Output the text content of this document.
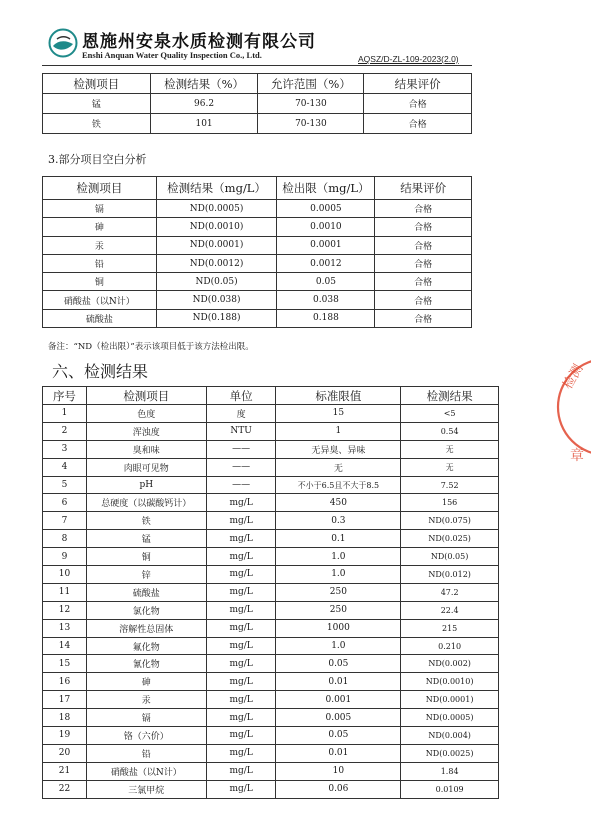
恩施州安泉水质检测有限公司
Enshi Anquan Water Quality Inspection Co., Ltd.	AQSZ/D-ZL-109-2023(2.0)
检测项目	检测结果（%）	允许范围（%）	结果评价
锰	96.2	70-130	合格
铁	101	70-130	合格
3.部分项目空白分析
检测项目	检测结果（mg/L）	检出限（mg/L）	结果评价
镉	ND(0.0005)	0.0005	合格
砷	ND(0.0010)	0.0010	合格
汞	ND(0.0001)	0.0001	合格
铅	ND(0.0012)	0.0012	合格
铜	ND(0.05)	0.05	合格
硝酸盐（以N计）	ND(0.038)	0.038	合格
硫酸盐	ND(0.188)	0.188	合格
备注：“ND（检出限）”表示该项目低于该方法检出限。
六、检测结果
序号	检测项目	单位	标准限值	检测结果
1	色度	度	15	<5
2	浑浊度	NTU	1	0.54
3	臭和味	——	无异臭、异味	无
4	肉眼可见物	——	无	无
5	pH	——	不小于6.5且不大于8.5	7.52
6	总硬度（以碳酸钙计）	mg/L	450	156
7	铁	mg/L	0.3	ND(0.075)
8	锰	mg/L	0.1	ND(0.025)
9	铜	mg/L	1.0	ND(0.05)
10	锌	mg/L	1.0	ND(0.012)
11	硫酸盐	mg/L	250	47.2
12	氯化物	mg/L	250	22.4
13	溶解性总固体	mg/L	1000	215
14	氟化物	mg/L	1.0	0.210
15	氰化物	mg/L	0.05	ND(0.002)
16	砷	mg/L	0.01	ND(0.0010)
17	汞	mg/L	0.001	ND(0.0001)
18	镉	mg/L	0.005	ND(0.0005)
19	铬（六价）	mg/L	0.05	ND(0.004)
20	铅	mg/L	0.01	ND(0.0025)
21	硝酸盐（以N计）	mg/L	10	1.84
22	三氯甲烷	mg/L	0.06	0.0109
检测
章
